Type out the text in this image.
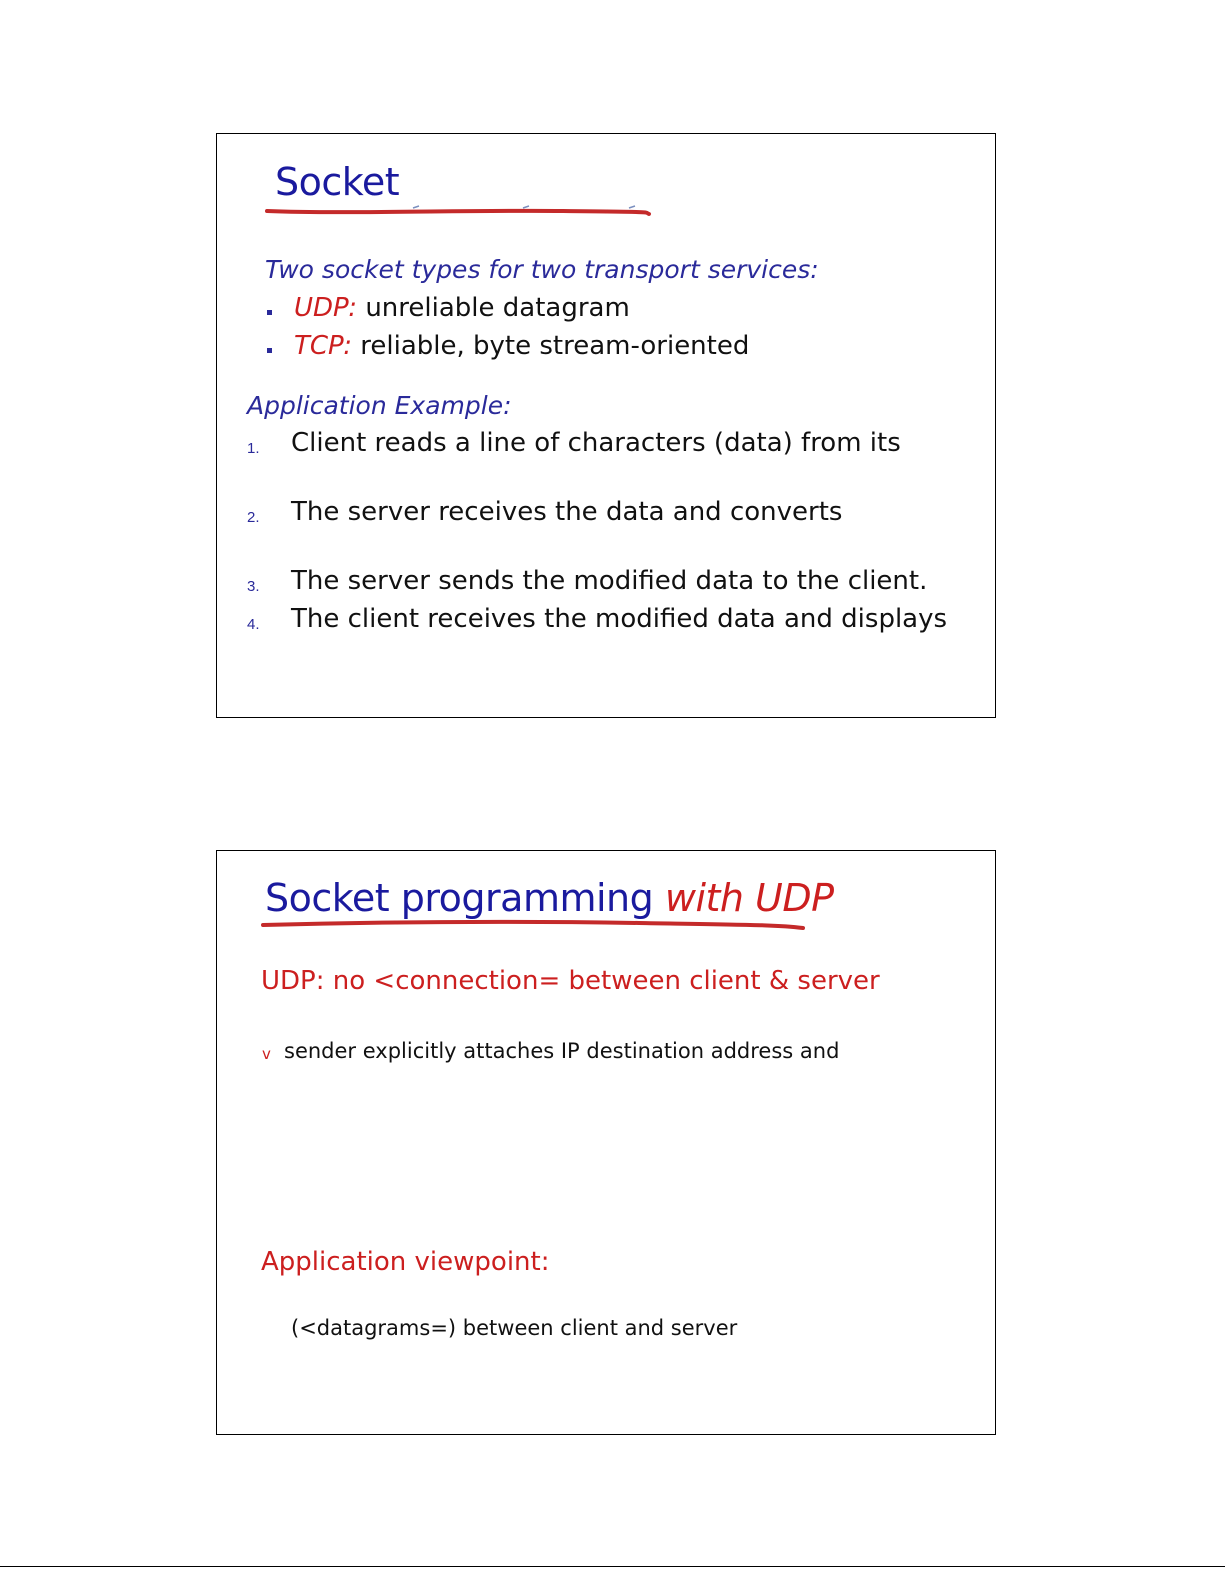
Socket
Two socket types for two transport services:
UDP: unreliable datagram
TCP: reliable, byte stream-oriented
Application Example:
1. Client reads a line of characters (data) from its
2. The server receives the data and converts
3. The server sends the modified data to the client.
4. The client receives the modified data and displays
Socket programming with UDP
UDP: no <connection= between client & server
v sender explicitly attaches IP destination address and
Application viewpoint:
(<datagrams=) between client and server
